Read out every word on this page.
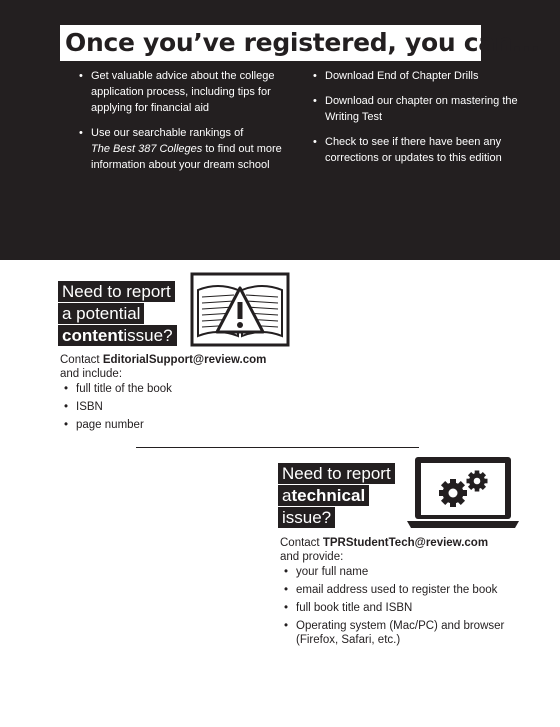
Once you’ve registered, you can...
• Get valuable advice about the college application process, including tips for applying for financial aid
• Use our searchable rankings of
The Best 387 Colleges to find out more information about your dream school
• Download End of Chapter Drills
• Download our chapter on mastering the Writing Test
• Check to see if there have been any corrections or updates to this edition
Need to report
a potential
contentissue?
Contact EditorialSupport@review.com
and include:
• full title of the book
• ISBN
• page number
Need to report
atechnical
issue?
Contact TPRStudentTech@review.com
and provide:
• your full name
• email address used to register the book
• full book title and ISBN
• Operating system (Mac/PC) and browser (Firefox, Safari, etc.)
